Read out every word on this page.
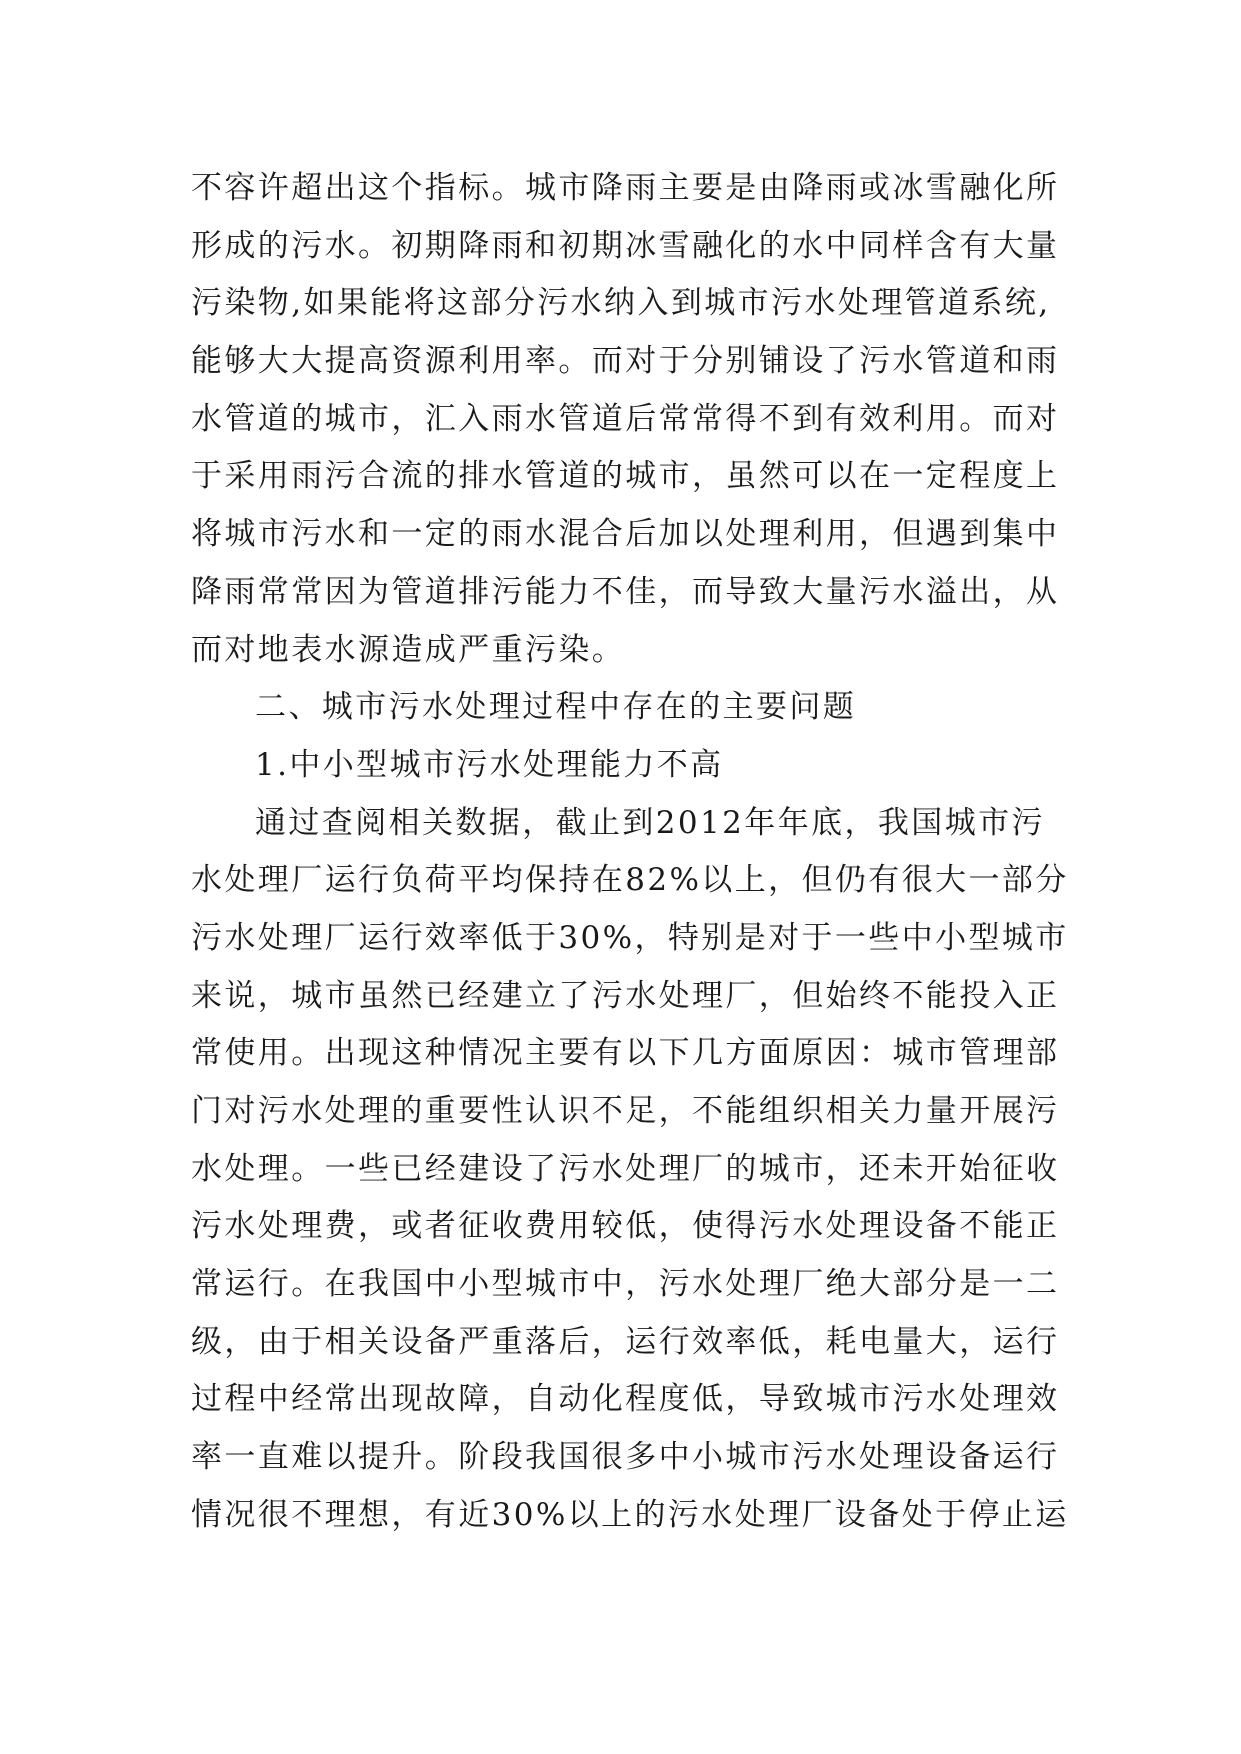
不容许超出这个指标。城市降雨主要是由降雨或冰雪融化所
形成的污水。初期降雨和初期冰雪融化的水中同样含有大量
污染物,如果能将这部分污水纳入到城市污水处理管道系统,
能够大大提高资源利用率。而对于分别铺设了污水管道和雨
水管道的城市，汇入雨水管道后常常得不到有效利用。而对
于采用雨污合流的排水管道的城市，虽然可以在一定程度上
将城市污水和一定的雨水混合后加以处理利用，但遇到集中
降雨常常因为管道排污能力不佳，而导致大量污水溢出，从
而对地表水源造成严重污染。
二、城市污水处理过程中存在的主要问题
1.中小型城市污水处理能力不高
通过查阅相关数据，截止到2012年年底，我国城市污
水处理厂运行负荷平均保持在82%以上，但仍有很大一部分
污水处理厂运行效率低于30%，特别是对于一些中小型城市
来说，城市虽然已经建立了污水处理厂，但始终不能投入正
常使用。出现这种情况主要有以下几方面原因：城市管理部
门对污水处理的重要性认识不足，不能组织相关力量开展污
水处理。一些已经建设了污水处理厂的城市，还未开始征收
污水处理费，或者征收费用较低，使得污水处理设备不能正
常运行。在我国中小型城市中，污水处理厂绝大部分是一二
级，由于相关设备严重落后，运行效率低，耗电量大，运行
过程中经常出现故障，自动化程度低，导致城市污水处理效
率一直难以提升。阶段我国很多中小城市污水处理设备运行
情况很不理想，有近30%以上的污水处理厂设备处于停止运
